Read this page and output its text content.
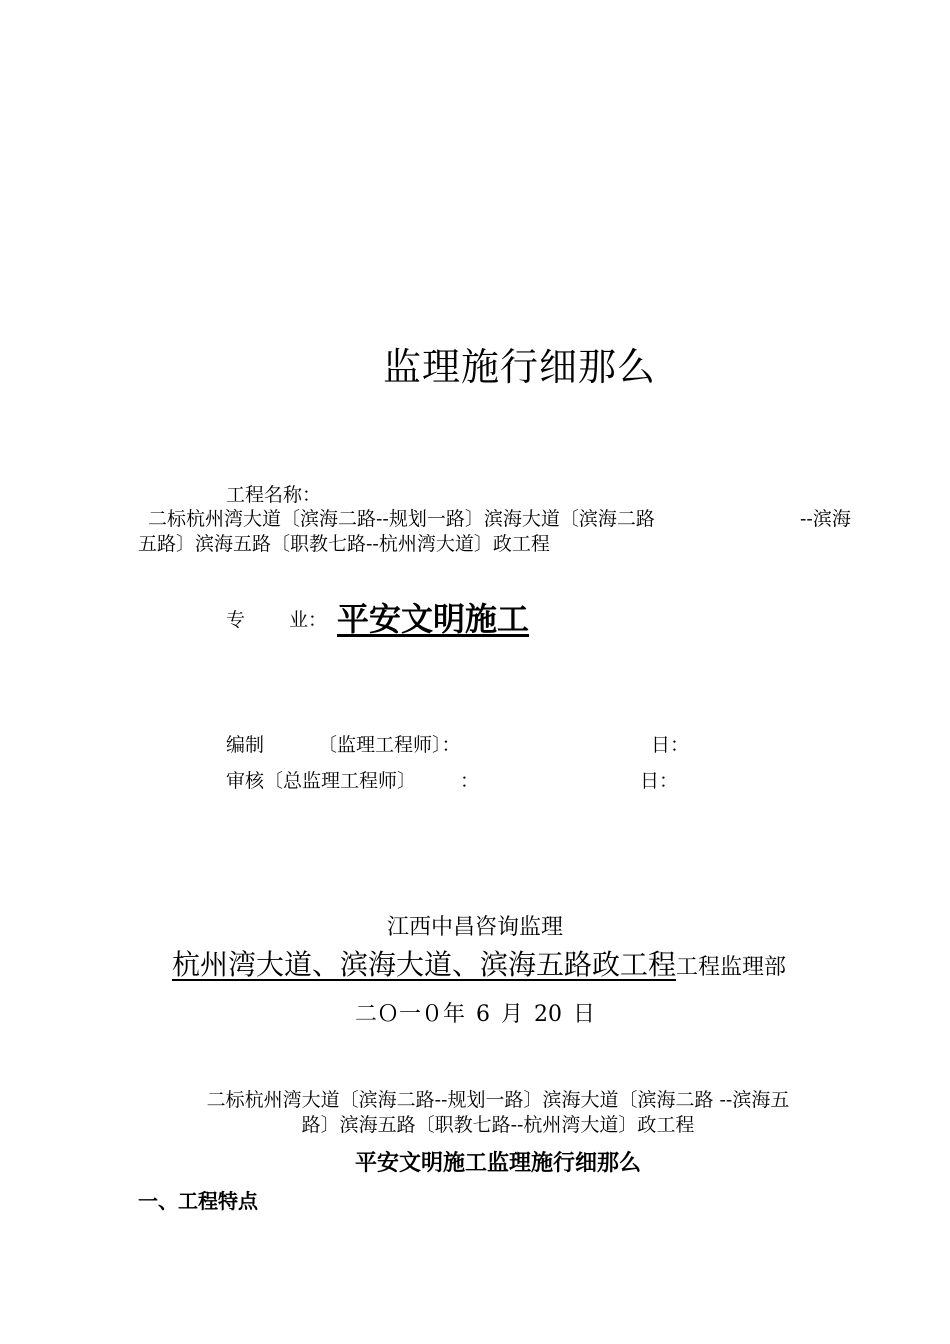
监理施行细那么
工程名称：
二标杭州湾大道〔滨海二路--规划一路〕滨海大道〔滨海二路	--滨海
五路〕滨海五路〔职教七路--杭州湾大道〕政工程
专 业： 平安文明施工
编制	〔监理工程师〕：	日：
审核〔总监理工程师〕 ：	日：
江西中昌咨询监理
杭州湾大道、滨海大道、滨海五路政工程工程监理部
二Ｏ一０年 6 月 20 日
二标杭州湾大道〔滨海二路--规划一路〕滨海大道〔滨海二路 --滨海五
路〕滨海五路〔职教七路--杭州湾大道〕政工程
平安文明施工监理施行细那么
一、工程特点
